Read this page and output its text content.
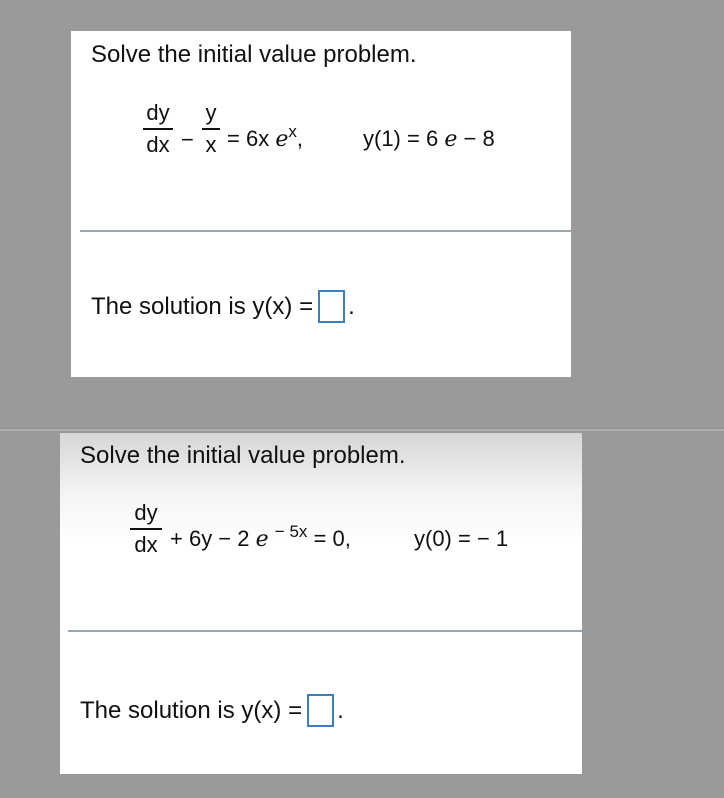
Solve the initial value problem.
dy
dx −
y
x = 6x $e^x$,	y(1) = 6 e − 8
The solution is y(x) = .
Solve the initial value problem.
dy
dx + 6y − 2 e $^{- 5x}$ = 0,	y(0) = − 1
The solution is y(x) = .
